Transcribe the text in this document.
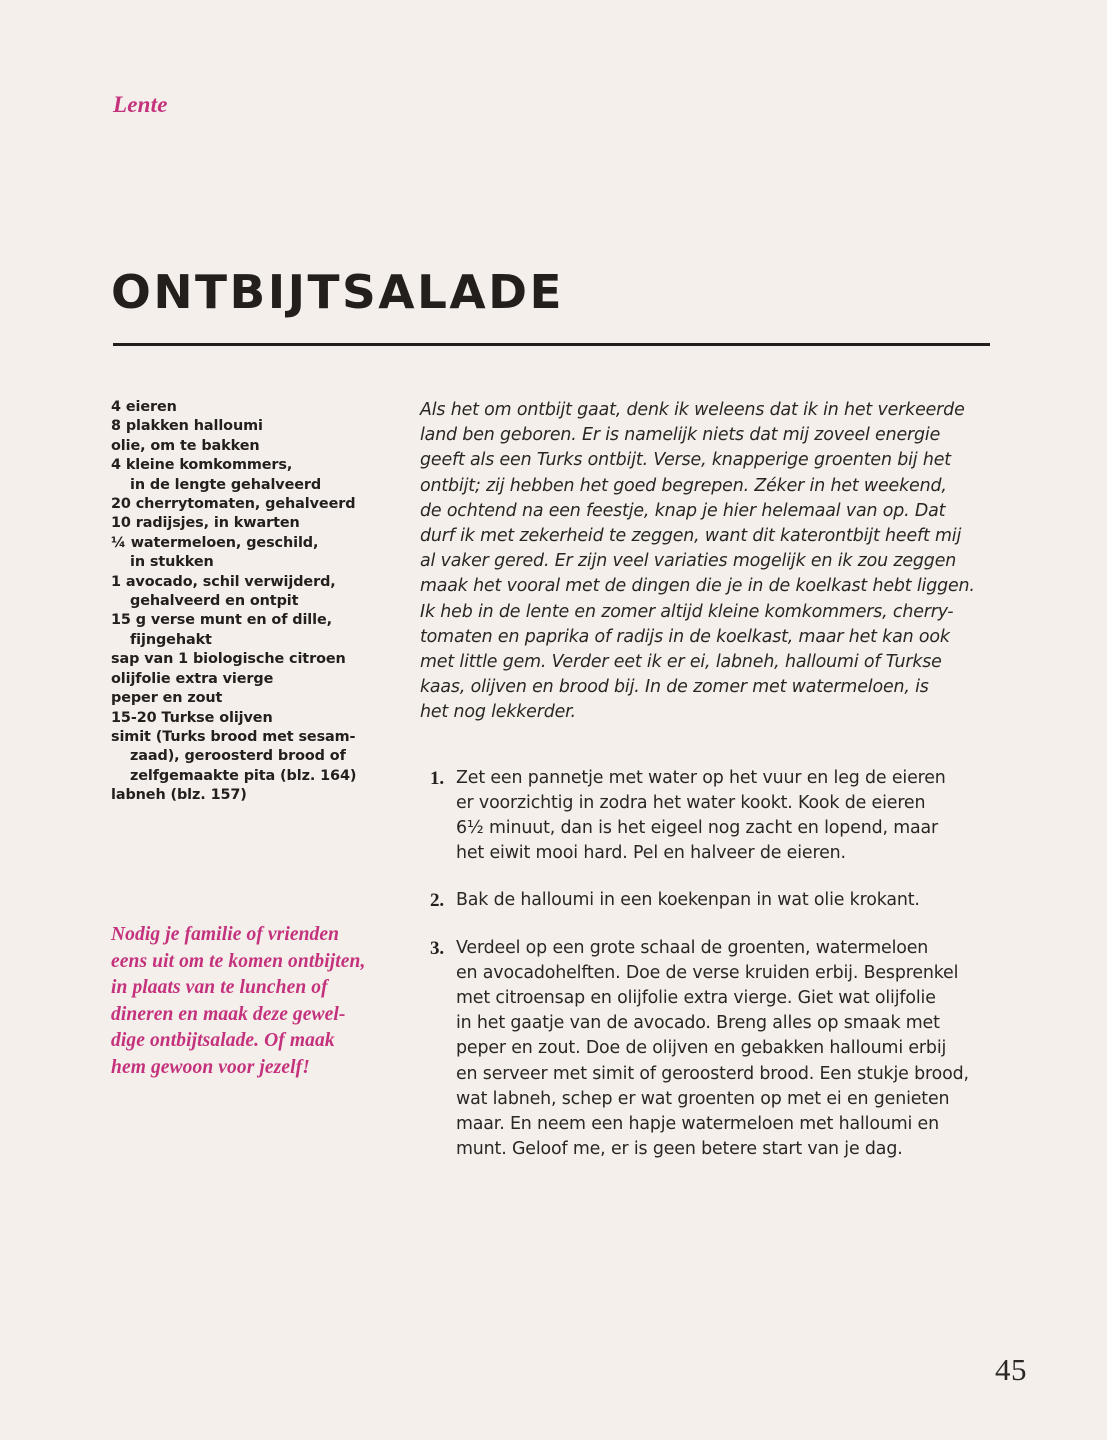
Lente
ONTBIJTSALADE
4 eieren
8 plakken halloumi
olie, om te bakken
4 kleine komkommers,
in de lengte gehalveerd
20 cherrytomaten, gehalveerd
10 radijsjes, in kwarten
¼ watermeloen, geschild,
in stukken
1 avocado, schil verwijderd,
gehalveerd en ontpit
15 g verse munt en of dille,
fijngehakt
sap van 1 biologische citroen
olijfolie extra vierge
peper en zout
15-20 Turkse olijven
simit (Turks brood met sesam-
zaad), geroosterd brood of
zelfgemaakte pita (blz. 164)
labneh (blz. 157)
Nodig je familie of vrienden
eens uit om te komen ontbijten,
in plaats van te lunchen of
dineren en maak deze gewel-
dige ontbijtsalade. Of maak
hem gewoon voor jezelf!

Als het om ontbijt gaat, denk ik weleens dat ik in het verkeerde
land ben geboren. Er is namelijk niets dat mij zoveel energie
geeft als een Turks ontbijt. Verse, knapperige groenten bij het
ontbijt; zij hebben het goed begrepen. Zéker in het weekend,
de ochtend na een feestje, knap je hier helemaal van op. Dat
durf ik met zekerheid te zeggen, want dit katerontbijt heeft mij
al vaker gered. Er zijn veel variaties mogelijk en ik zou zeggen
maak het vooral met de dingen die je in de koelkast hebt liggen.
Ik heb in de lente en zomer altijd kleine komkommers, cherry-
tomaten en paprika of radijs in de koelkast, maar het kan ook
met little gem. Verder eet ik er ei, labneh, halloumi of Turkse
kaas, olijven en brood bij. In de zomer met watermeloen, is
het nog lekkerder.

1. Zet een pannetje met water op het vuur en leg de eieren
er voorzichtig in zodra het water kookt. Kook de eieren
6½ minuut, dan is het eigeel nog zacht en lopend, maar
het eiwit mooi hard. Pel en halveer de eieren.
2. Bak de halloumi in een koekenpan in wat olie krokant.
3. Verdeel op een grote schaal de groenten, watermeloen
en avocadohelften. Doe de verse kruiden erbij. Besprenkel
met citroensap en olijfolie extra vierge. Giet wat olijfolie
in het gaatje van de avocado. Breng alles op smaak met
peper en zout. Doe de olijven en gebakken halloumi erbij
en serveer met simit of geroosterd brood. Een stukje brood,
wat labneh, schep er wat groenten op met ei en genieten
maar. En neem een hapje watermeloen met halloumi en
munt. Geloof me, er is geen betere start van je dag.
45
